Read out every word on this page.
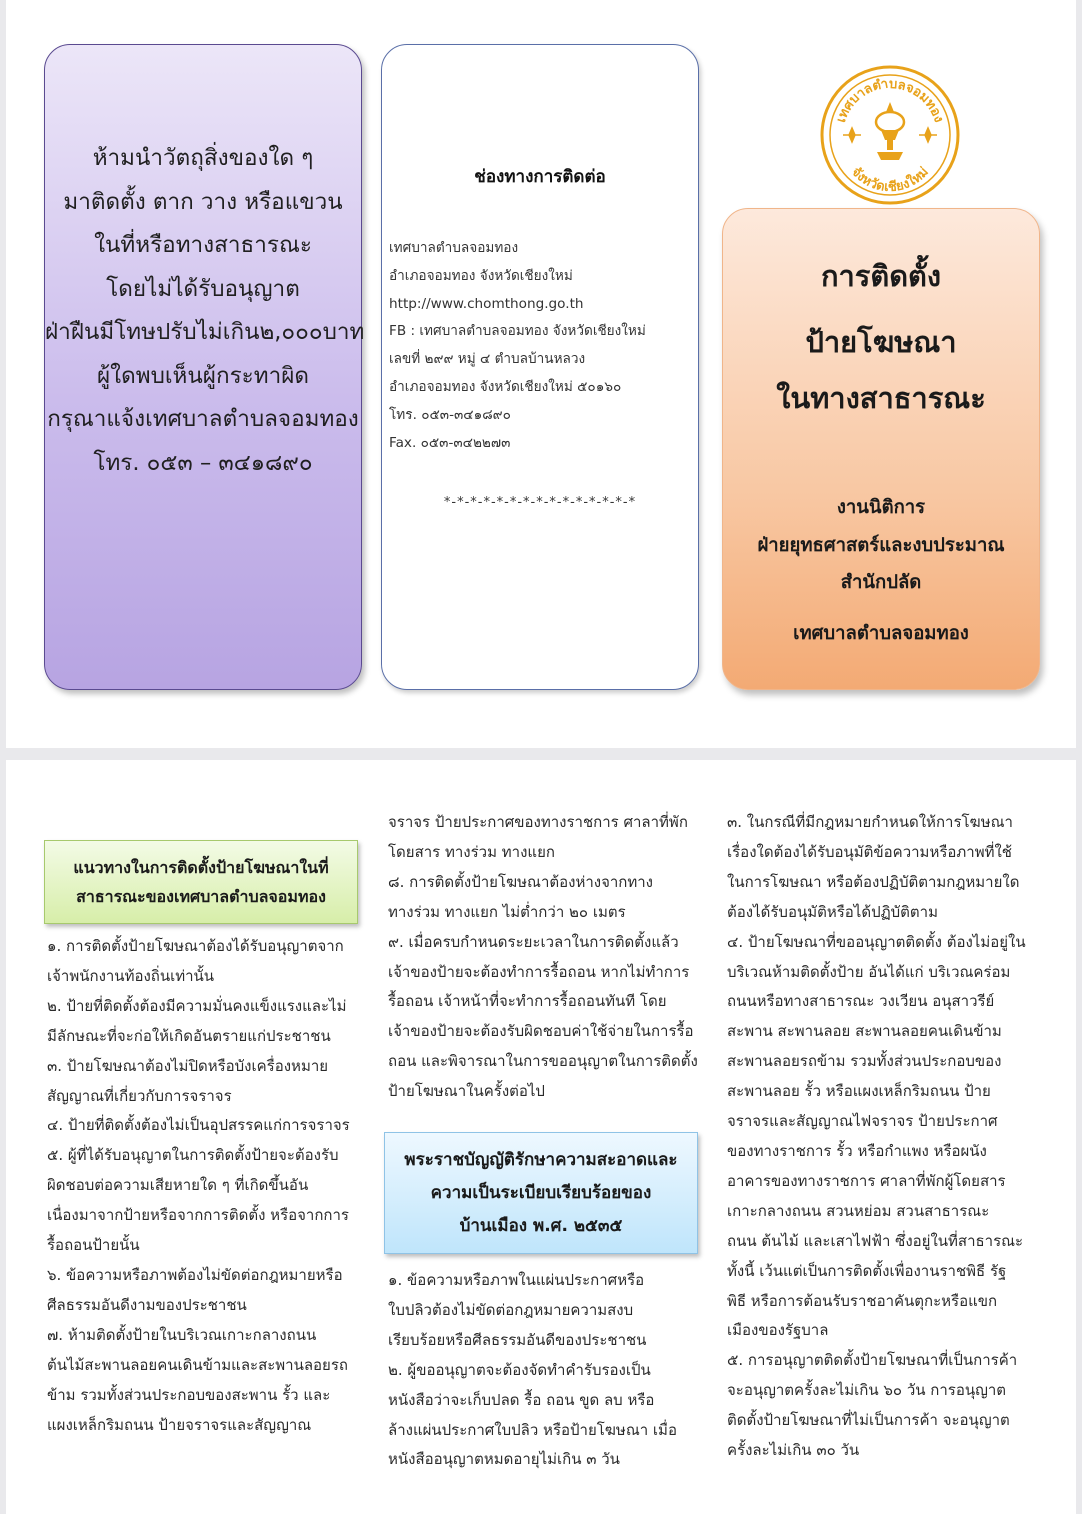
ห้ามนำวัตถุสิ่งของใด ๆ
มาติดตั้ง ตาก วาง หรือแขวน
ในที่หรือทางสาธารณะ
โดยไม่ได้รับอนุญาต
ฝ่าฝืนมีโทษปรับไม่เกิน๒,๐๐๐บาท
ผู้ใดพบเห็นผู้กระทาผิด
กรุณาแจ้งเทศบาลตำบลจอมทอง
โทร. ๐๕๓ – ๓๔๑๘๙๐
ช่องทางการติดต่อ
เทศบาลตำบลจอมทอง
อำเภอจอมทอง จังหวัดเชียงใหม่
http://www.chomthong.go.th
FB : เทศบาลตำบลจอมทอง จังหวัดเชียงใหม่
เลขที่ ๒๙๙ หมู่ ๔ ตำบลบ้านหลวง
อำเภอจอมทอง จังหวัดเชียงใหม่ ๕๐๑๖๐
โทร. ๐๕๓-๓๔๑๘๙๐
Fax. ๐๕๓-๓๔๒๒๗๓
*-*-*-*-*-*-*-*-*-*-*-*-*-*-*
เทศบาลตำบลจอมทอง
จังหวัดเชียงใหม่
การติดตั้ง
ป้ายโฆษณา
ในทางสาธารณะ
งานนิติการ
ฝ่ายยุทธศาสตร์และงบประมาณ
สำนักปลัด
เทศบาลตำบลจอมทอง
แนวทางในการติดตั้งป้ายโฆษณาในที่
สาธารณะของเทศบาลตำบลจอมทอง
๑. การติดตั้งป้ายโฆษณาต้องได้รับอนุญาตจาก
เจ้าพนักงานท้องถิ่นเท่านั้น
๒. ป้ายที่ติดตั้งต้องมีความมั่นคงแข็งแรงและไม่
มีลักษณะที่จะก่อให้เกิดอันตรายแก่ประชาชน
๓. ป้ายโฆษณาต้องไม่ปิดหรือบังเครื่องหมาย
สัญญาณที่เกี่ยวกับการจราจร
๔. ป้ายที่ติดตั้งต้องไม่เป็นอุปสรรคแก่การจราจร
๕. ผู้ที่ได้รับอนุญาตในการติดตั้งป้ายจะต้องรับ
ผิดชอบต่อความเสียหายใด ๆ ที่เกิดขึ้นอัน
เนื่องมาจากป้ายหรือจากการติดตั้ง หรือจากการ
รื้อถอนป้ายนั้น
๖. ข้อความหรือภาพต้องไม่ขัดต่อกฎหมายหรือ
ศีลธรรมอันดีงามของประชาชน
๗. ห้ามติดตั้งป้ายในบริเวณเกาะกลางถนน
ต้นไม้สะพานลอยคนเดินข้ามและสะพานลอยรถ
ข้าม รวมทั้งส่วนประกอบของสะพาน รั้ว และ
แผงเหล็กริมถนน ป้ายจราจรและสัญญาณ
จราจร ป้ายประกาศของทางราชการ ศาลาที่พัก
โดยสาร ทางร่วม ทางแยก
๘. การติดตั้งป้ายโฆษณาต้องห่างจากทาง
ทางร่วม ทางแยก ไม่ต่ำกว่า ๒๐ เมตร
๙. เมื่อครบกำหนดระยะเวลาในการติดตั้งแล้ว
เจ้าของป้ายจะต้องทำการรื้อถอน หากไม่ทำการ
รื้อถอน เจ้าหน้าที่จะทำการรื้อถอนทันที โดย
เจ้าของป้ายจะต้องรับผิดชอบค่าใช้จ่ายในการรื้อ
ถอน และพิจารณาในการขออนุญาตในการติดตั้ง
ป้ายโฆษณาในครั้งต่อไป
พระราชบัญญัติรักษาความสะอาดและ
ความเป็นระเบียบเรียบร้อยของ
บ้านเมือง พ.ศ. ๒๕๓๕
๑. ข้อความหรือภาพในแผ่นประกาศหรือ
ใบปลิวต้องไม่ขัดต่อกฎหมายความสงบ
เรียบร้อยหรือศีลธรรมอันดีของประชาชน
๒. ผู้ขออนุญาตจะต้องจัดทำคำรับรองเป็น
หนังสือว่าจะเก็บปลด รื้อ ถอน ขูด ลบ หรือ
ล้างแผ่นประกาศใบปลิว หรือป้ายโฆษณา เมื่อ
หนังสืออนุญาตหมดอายุไม่เกิน ๓ วัน
๓. ในกรณีที่มีกฎหมายกำหนดให้การโฆษณา
เรื่องใดต้องได้รับอนุมัติข้อความหรือภาพที่ใช้
ในการโฆษณา หรือต้องปฏิบัติตามกฎหมายใด
ต้องได้รับอนุมัติหรือได้ปฏิบัติตาม
๔. ป้ายโฆษณาที่ขออนุญาตติดตั้ง ต้องไม่อยู่ใน
บริเวณห้ามติดตั้งป้าย อันได้แก่ บริเวณคร่อม
ถนนหรือทางสาธารณะ วงเวียน อนุสาวรีย์
สะพาน สะพานลอย สะพานลอยคนเดินข้าม
สะพานลอยรถข้าม รวมทั้งส่วนประกอบของ
สะพานลอย รั้ว หรือแผงเหล็กริมถนน ป้าย
จราจรและสัญญาณไฟจราจร ป้ายประกาศ
ของทางราชการ รั้ว หรือกำแพง หรือผนัง
อาคารของทางราชการ ศาลาที่พักผู้โดยสาร
เกาะกลางถนน สวนหย่อม สวนสาธารณะ
ถนน ต้นไม้ และเสาไฟฟ้า ซึ่งอยู่ในที่สาธารณะ
ทั้งนี้ เว้นแต่เป็นการติดตั้งเพื่องานราชพิธี รัฐ
พิธี หรือการต้อนรับราชอาคันตุกะหรือแขก
เมืองของรัฐบาล
๕. การอนุญาตติดตั้งป้ายโฆษณาที่เป็นการค้า
จะอนุญาตครั้งละไม่เกิน ๖๐ วัน การอนุญาต
ติดตั้งป้ายโฆษณาที่ไม่เป็นการค้า จะอนุญาต
ครั้งละไม่เกิน ๓๐ วัน
